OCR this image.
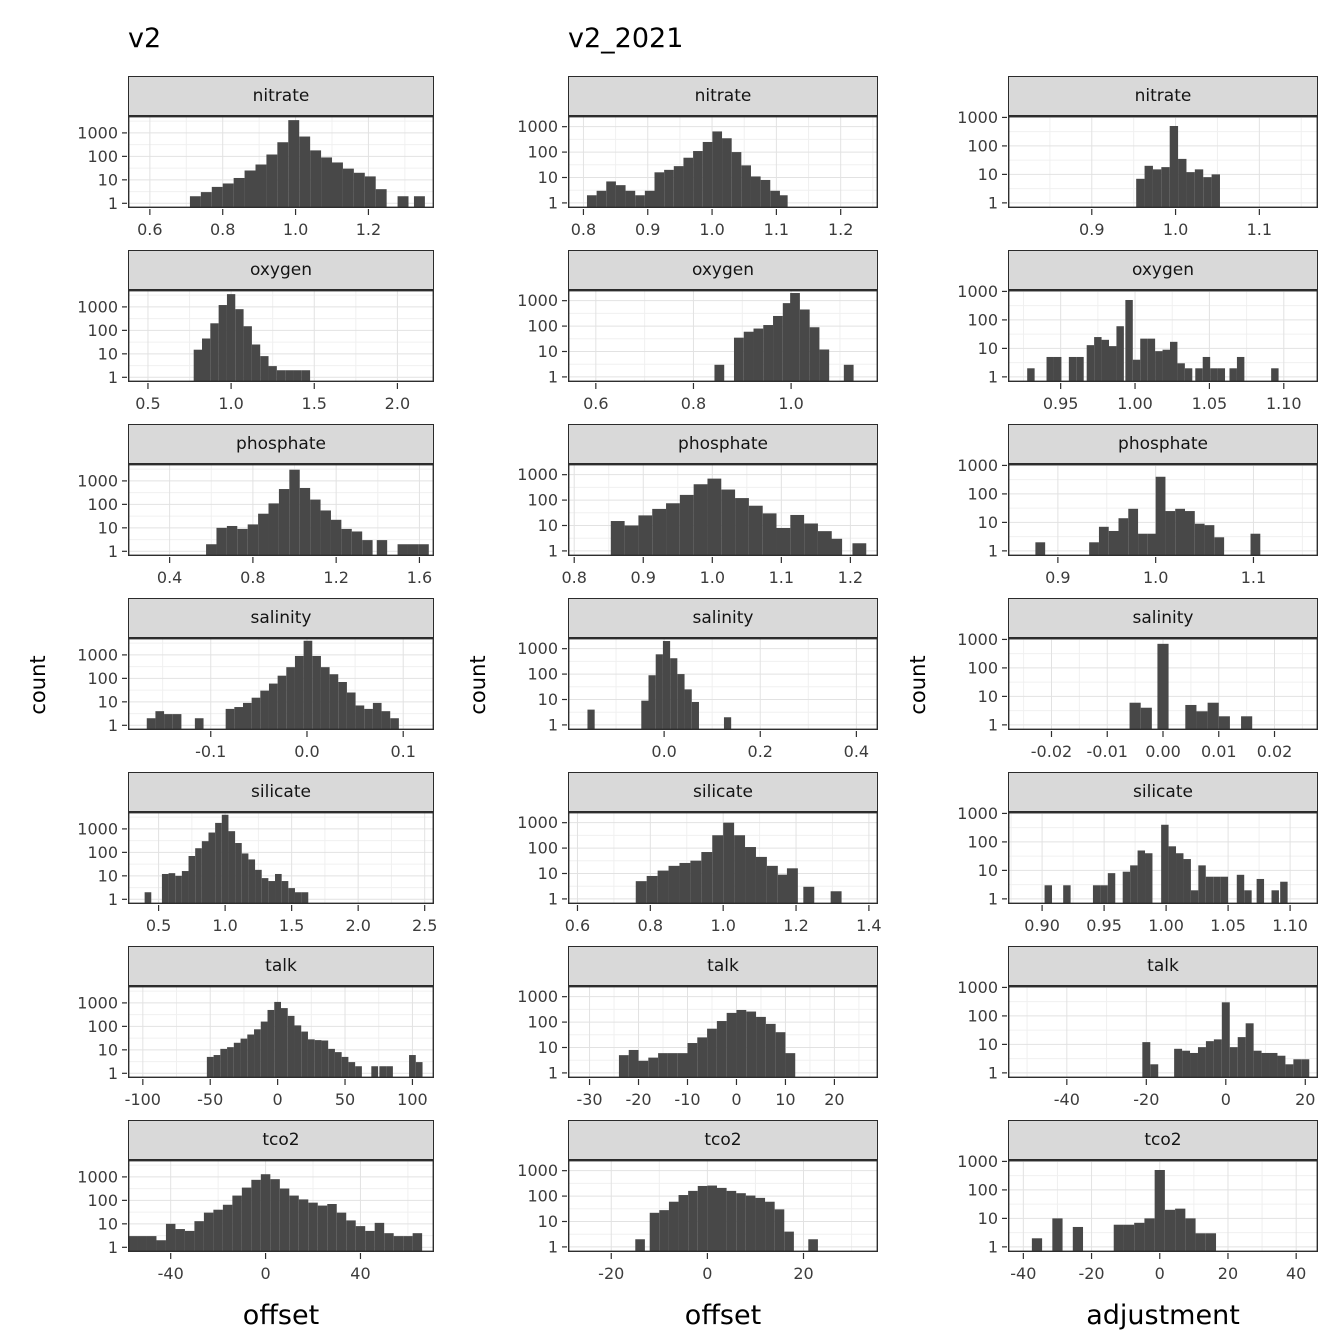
v2
count
nitrate
1000
100
10
1
0.6	0.8	1.0	1.2
oxygen
1000
100
10
1
0.5	1.0	1.5	2.0
phosphate
1000
100
10
1
0.4	0.8	1.2	1.6
salinity
1000
100
10
1
-0.1	0.0	0.1
silicate
1000
100
10
1
0.5	1.0	1.5	2.0	2.5
talk
1000
100
10
1
-100 -50	0	50	100
tco2
1000
100
10
1
-40	0	40
offset
v2_2021
count
nitrate
1000
100
10
1
0.8 0.9 1.0 1.1 1.2
oxygen
1000
100
10
1
0.6	0.8	1.0
phosphate
1000
100
10
1
0.8	0.9	1.0	1.1	1.2
salinity
1000
100
10
1
0.0	0.2	0.4
silicate
1000
100
10
1
0.6	0.8	1.0	1.2	1.4
talk
1000
100
10
1
-30 -20 -10 0 10 20
tco2
1000
100
10
1
-20	0	20
offset
count
nitrate
1000
100
10
1
0.9	1.0	1.1
oxygen
1000
100
10
1
0.95 1.00 1.05 1.10
phosphate
1000
100
10
1
0.9	1.0	1.1
salinity
1000
100
10
1
-0.02 -0.01 0.00 0.01 0.02
silicate
1000
100
10
1
0.90 0.95 1.00 1.05 1.10
talk
1000
100
10
1
-40	-20	0	20
tco2
1000
100
10
1
-40	-20	0	20	40
adjustment
